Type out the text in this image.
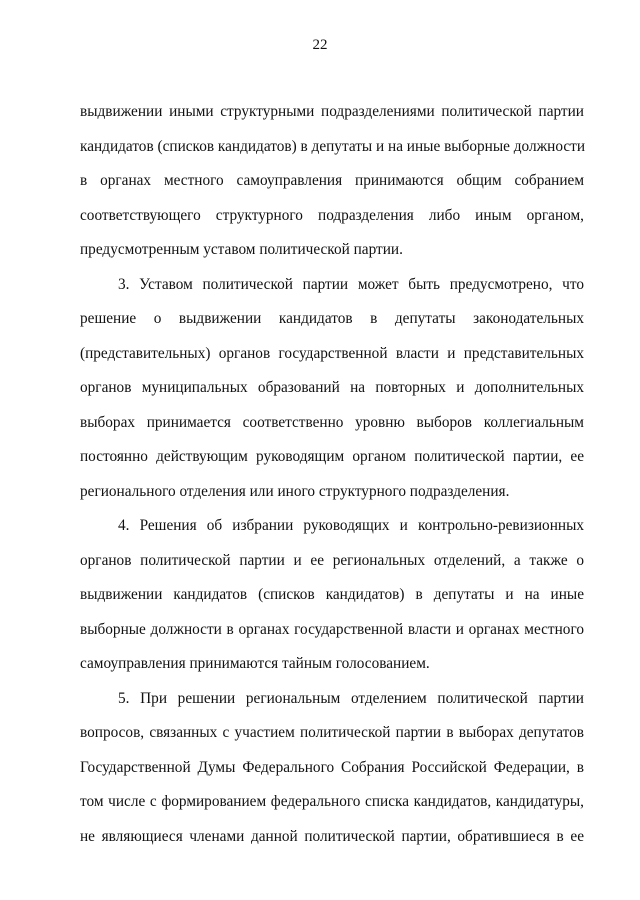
22
выдвижении иными структурными подразделениями политической партии
кандидатов (списков кандидатов) в депутаты и на иные выборные должности
в органах местного самоуправления принимаются общим собранием
соответствующего структурного подразделения либо иным органом,
предусмотренным уставом политической партии.
3. Уставом политической партии может быть предусмотрено, что
решение о выдвижении кандидатов в депутаты законодательных
(представительных) органов государственной власти и представительных
органов муниципальных образований на повторных и дополнительных
выборах принимается соответственно уровню выборов коллегиальным
постоянно действующим руководящим органом политической партии, ее
регионального отделения или иного структурного подразделения.
4. Решения об избрании руководящих и контрольно-ревизионных
органов политической партии и ее региональных отделений, а также о
выдвижении кандидатов (списков кандидатов) в депутаты и на иные
выборные должности в органах государственной власти и органах местного
самоуправления принимаются тайным голосованием.
5. При решении региональным отделением политической партии
вопросов, связанных с участием политической партии в выборах депутатов
Государственной Думы Федерального Собрания Российской Федерации, в
том числе с формированием федерального списка кандидатов, кандидатуры,
не являющиеся членами данной политической партии, обратившиеся в ее
